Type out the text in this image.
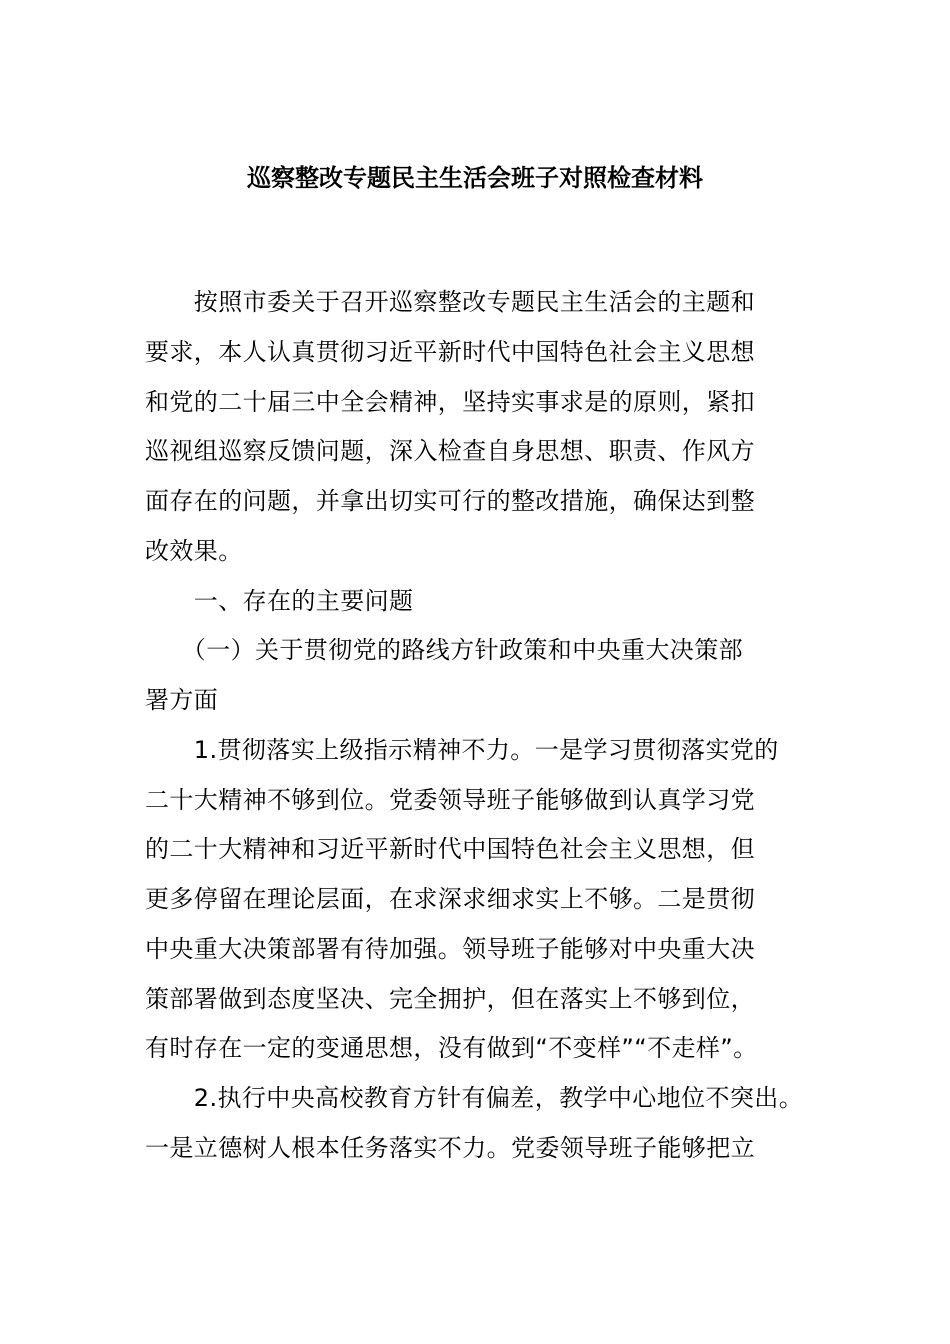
巡察整改专题民主生活会班子对照检查材料
　　按照市委关于召开巡察整改专题民主生活会的主题和
要求，本人认真贯彻习近平新时代中国特色社会主义思想
和党的二十届三中全会精神，坚持实事求是的原则，紧扣
巡视组巡察反馈问题，深入检查自身思想、职责、作风方
面存在的问题，并拿出切实可行的整改措施，确保达到整
改效果。
　　一、存在的主要问题
　　（一）关于贯彻党的路线方针政策和中央重大决策部
署方面
　　1.贯彻落实上级指示精神不力。一是学习贯彻落实党的
二十大精神不够到位。党委领导班子能够做到认真学习党
的二十大精神和习近平新时代中国特色社会主义思想，但
更多停留在理论层面，在求深求细求实上不够。二是贯彻
中央重大决策部署有待加强。领导班子能够对中央重大决
策部署做到态度坚决、完全拥护，但在落实上不够到位，
有时存在一定的变通思想，没有做到“不变样”“不走样”。
　　2.执行中央高校教育方针有偏差，教学中心地位不突出。
一是立德树人根本任务落实不力。党委领导班子能够把立
